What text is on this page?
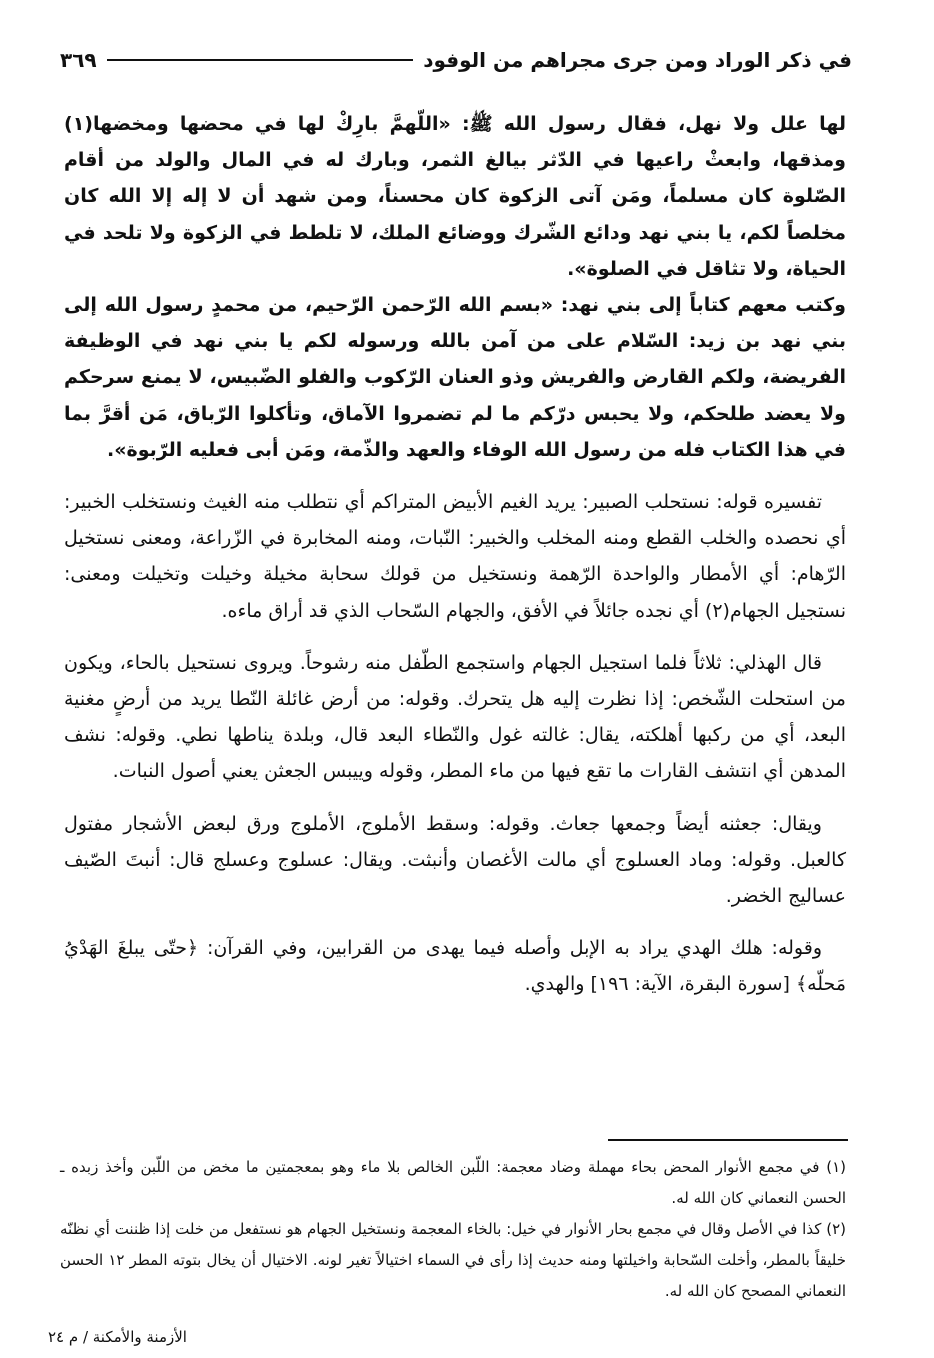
في ذكر الوراد ومن جرى مجراهم من الوفود
٣٦٩

لها علل ولا نهل، فقال رسول الله ﷺ: «اللّهمَّ بارِكْ لها في محضها ومخضها(١) ومذقها، وابعثْ راعيها في الدّثر بيالغ الثمر، وبارك له في المال والولد من أقام الصّلوة كان مسلماً، ومَن آتى الزكوة كان محسناً، ومن شهد أن لا إله إلا الله كان مخلصاً لكم، يا بني نهد ودائع الشّرك ووضائع الملك، لا تلطط في الزكوة ولا تلحد في الحياة، ولا تثاقل في الصلوة».

وكتب معهم كتاباً إلى بني نهد: «بسم الله الرّحمن الرّحيم، من محمدٍ رسول الله إلى بني نهد بن زيد: السّلام على من آمن بالله ورسوله لكم يا بني نهد في الوظيفة الفريضة، ولكم القارض والفريش وذو العنان الرّكوب والفلو الضّبيس، لا يمنع سرحكم ولا يعضد طلحكم، ولا يحبس درّكم ما لم تضمروا الآماق، وتأكلوا الرّباق، مَن أقرَّ بما في هذا الكتاب فله من رسول الله الوفاء والعهد والذّمة، ومَن أبى فعليه الرّبوة».

تفسيره قوله: نستحلب الصبير: يريد الغيم الأبيض المتراكم أي نتطلب منه الغيث ونستخلب الخبير: أي نحصده والخلب القطع ومنه المخلب والخبير: النّبات، ومنه المخابرة في الزّراعة، ومعنى نستخيل الرّهام: أي الأمطار والواحدة الرّهمة ونستخيل من قولك سحابة مخيلة وخيلت وتخيلت ومعنى: نستجيل الجهام(٢) أي نجده جائلاً في الأفق، والجهام السّحاب الذي قد أراق ماءه.

قال الهذلي: ثلاثاً فلما استجيل الجهام واستجمع الطّفل منه رشوحاً. ويروى نستحيل بالحاء، ويكون من استحلت الشّخص: إذا نظرت إليه هل يتحرك. وقوله: من أرض غائلة النّطا يريد من أرضٍ مغنية البعد، أي من ركبها أهلكته، يقال: غالته غول والنّطاء البعد قال، وبلدة يناطها نطي. وقوله: نشف المدهن أي انتشف القارات ما تقع فيها من ماء المطر، وقوله وييبس الجعثن يعني أصول النبات.

ويقال: جعثنه أيضاً وجمعها جعاث. وقوله: وسقط الأملوج، الأملوج ورق لبعض الأشجار مفتول كالعبل. وقوله: وماد العسلوج أي مالت الأغصان وأنبثت. ويقال: عسلوج وعسلج قال: أنبتَ الصّيف عساليج الخضر.

وقوله: هلك الهدي يراد به الإبل وأصله فيما يهدى من القرابين، وفي القرآن: ﴿حتّى يبلغَ الهَدْيُ مَحلّه﴾ [سورة البقرة، الآية: ١٩٦] والهدي.

(١) في مجمع الأنوار المحض بحاء مهملة وضاد معجمة: اللّبن الخالص بلا ماء وهو بمعجمتين ما مخض من اللّبن وأخذ زبده ـ الحسن النعماني كان الله له.

(٢) كذا في الأصل وقال في مجمع بحار الأنوار في خيل: بالخاء المعجمة ونستخيل الجهام هو نستفعل من خلت إذا ظننت أي نظنّه خليقاً بالمطر، وأخلت السّحابة واخيلتها ومنه حديث إذا رأى في السماء اختيالاً تغير لونه. الاختيال أن يخال بتوته المطر ١٢ الحسن النعماني المصحح كان الله له.

الأزمنة والأمكنة / م ٢٤
